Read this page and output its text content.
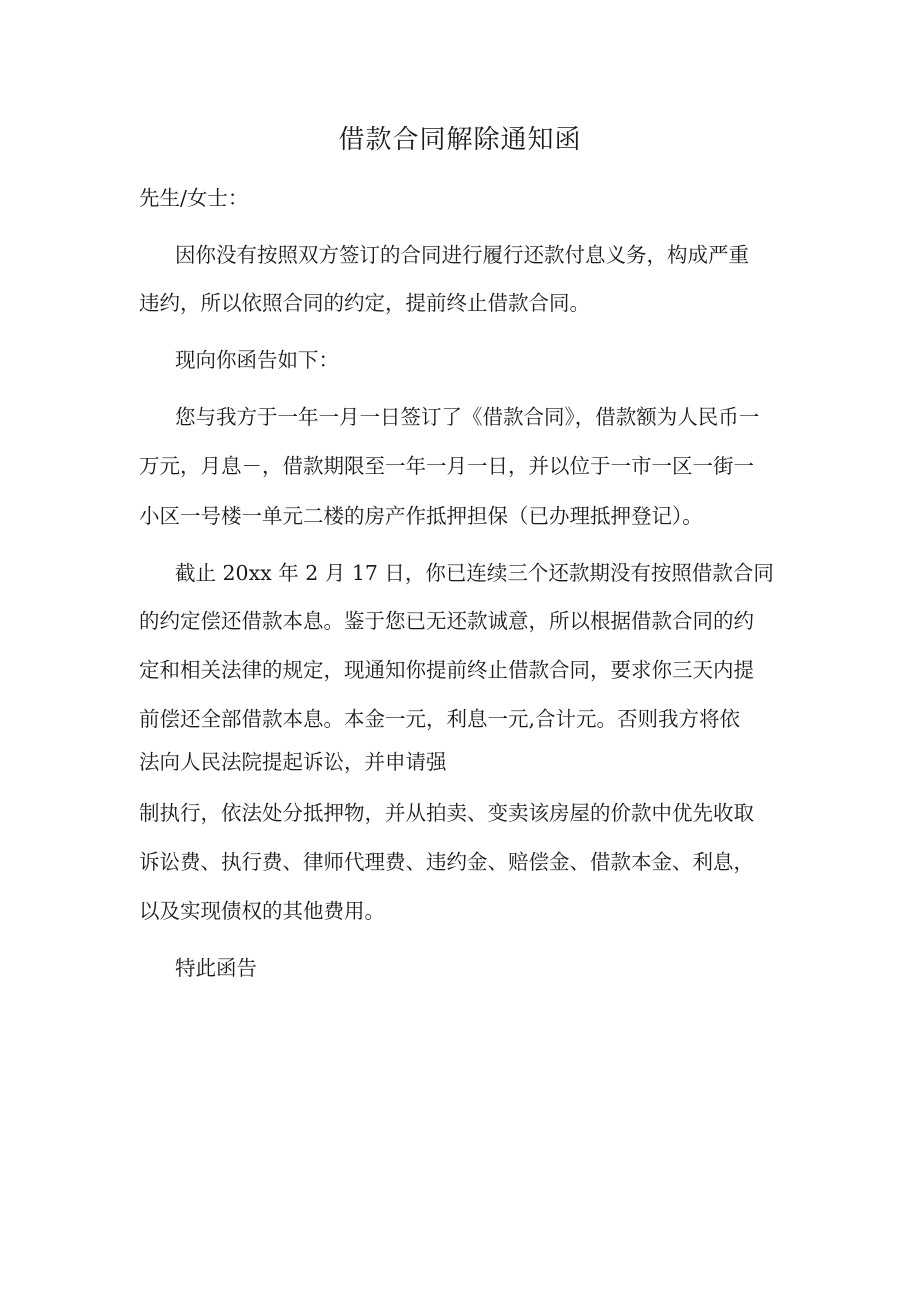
借款合同解除通知函
先生/女士：
因你没有按照双方签订的合同进行履行还款付息义务，构成严重
违约，所以依照合同的约定，提前终止借款合同。
现向你函告如下：
您与我方于一年一月一日签订了《借款合同》，借款额为人民币一
万元，月息－，借款期限至一年一月一日，并以位于一市一区一街一
小区一号楼一单元二楼的房产作抵押担保（已办理抵押登记）。
截止 20xx 年 2 月 17 日，你已连续三个还款期没有按照借款合同
的约定偿还借款本息。鉴于您已无还款诚意，所以根据借款合同的约
定和相关法律的规定，现通知你提前终止借款合同，要求你三天内提
前偿还全部借款本息。本金一元，利息一元,合计元。否则我方将依
法向人民法院提起诉讼，并申请强
制执行，依法处分抵押物，并从拍卖、变卖该房屋的价款中优先收取
诉讼费、执行费、律师代理费、违约金、赔偿金、借款本金、利息，
以及实现债权的其他费用。
特此函告
